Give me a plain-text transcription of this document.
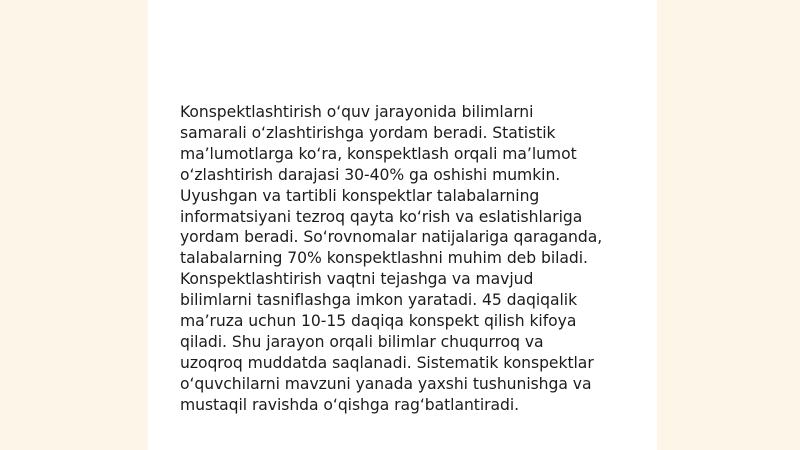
Konspektlashtirish o‘quv jarayonida bilimlarni
samarali o‘zlashtirishga yordam beradi. Statistik
ma’lumotlarga ko‘ra, konspektlash orqali ma’lumot
o‘zlashtirish darajasi 30-40% ga oshishi mumkin.
Uyushgan va tartibli konspektlar talabalarning
informatsiyani tezroq qayta ko‘rish va eslatishlariga
yordam beradi. So‘rovnomalar natijalariga qaraganda,
talabalarning 70% konspektlashni muhim deb biladi.
Konspektlashtirish vaqtni tejashga va mavjud
bilimlarni tasniflashga imkon yaratadi. 45 daqiqalik
ma’ruza uchun 10-15 daqiqa konspekt qilish kifoya
qiladi. Shu jarayon orqali bilimlar chuqurroq va
uzoqroq muddatda saqlanadi. Sistematik konspektlar
o‘quvchilarni mavzuni yanada yaxshi tushunishga va
mustaqil ravishda o‘qishga rag‘batlantiradi.
